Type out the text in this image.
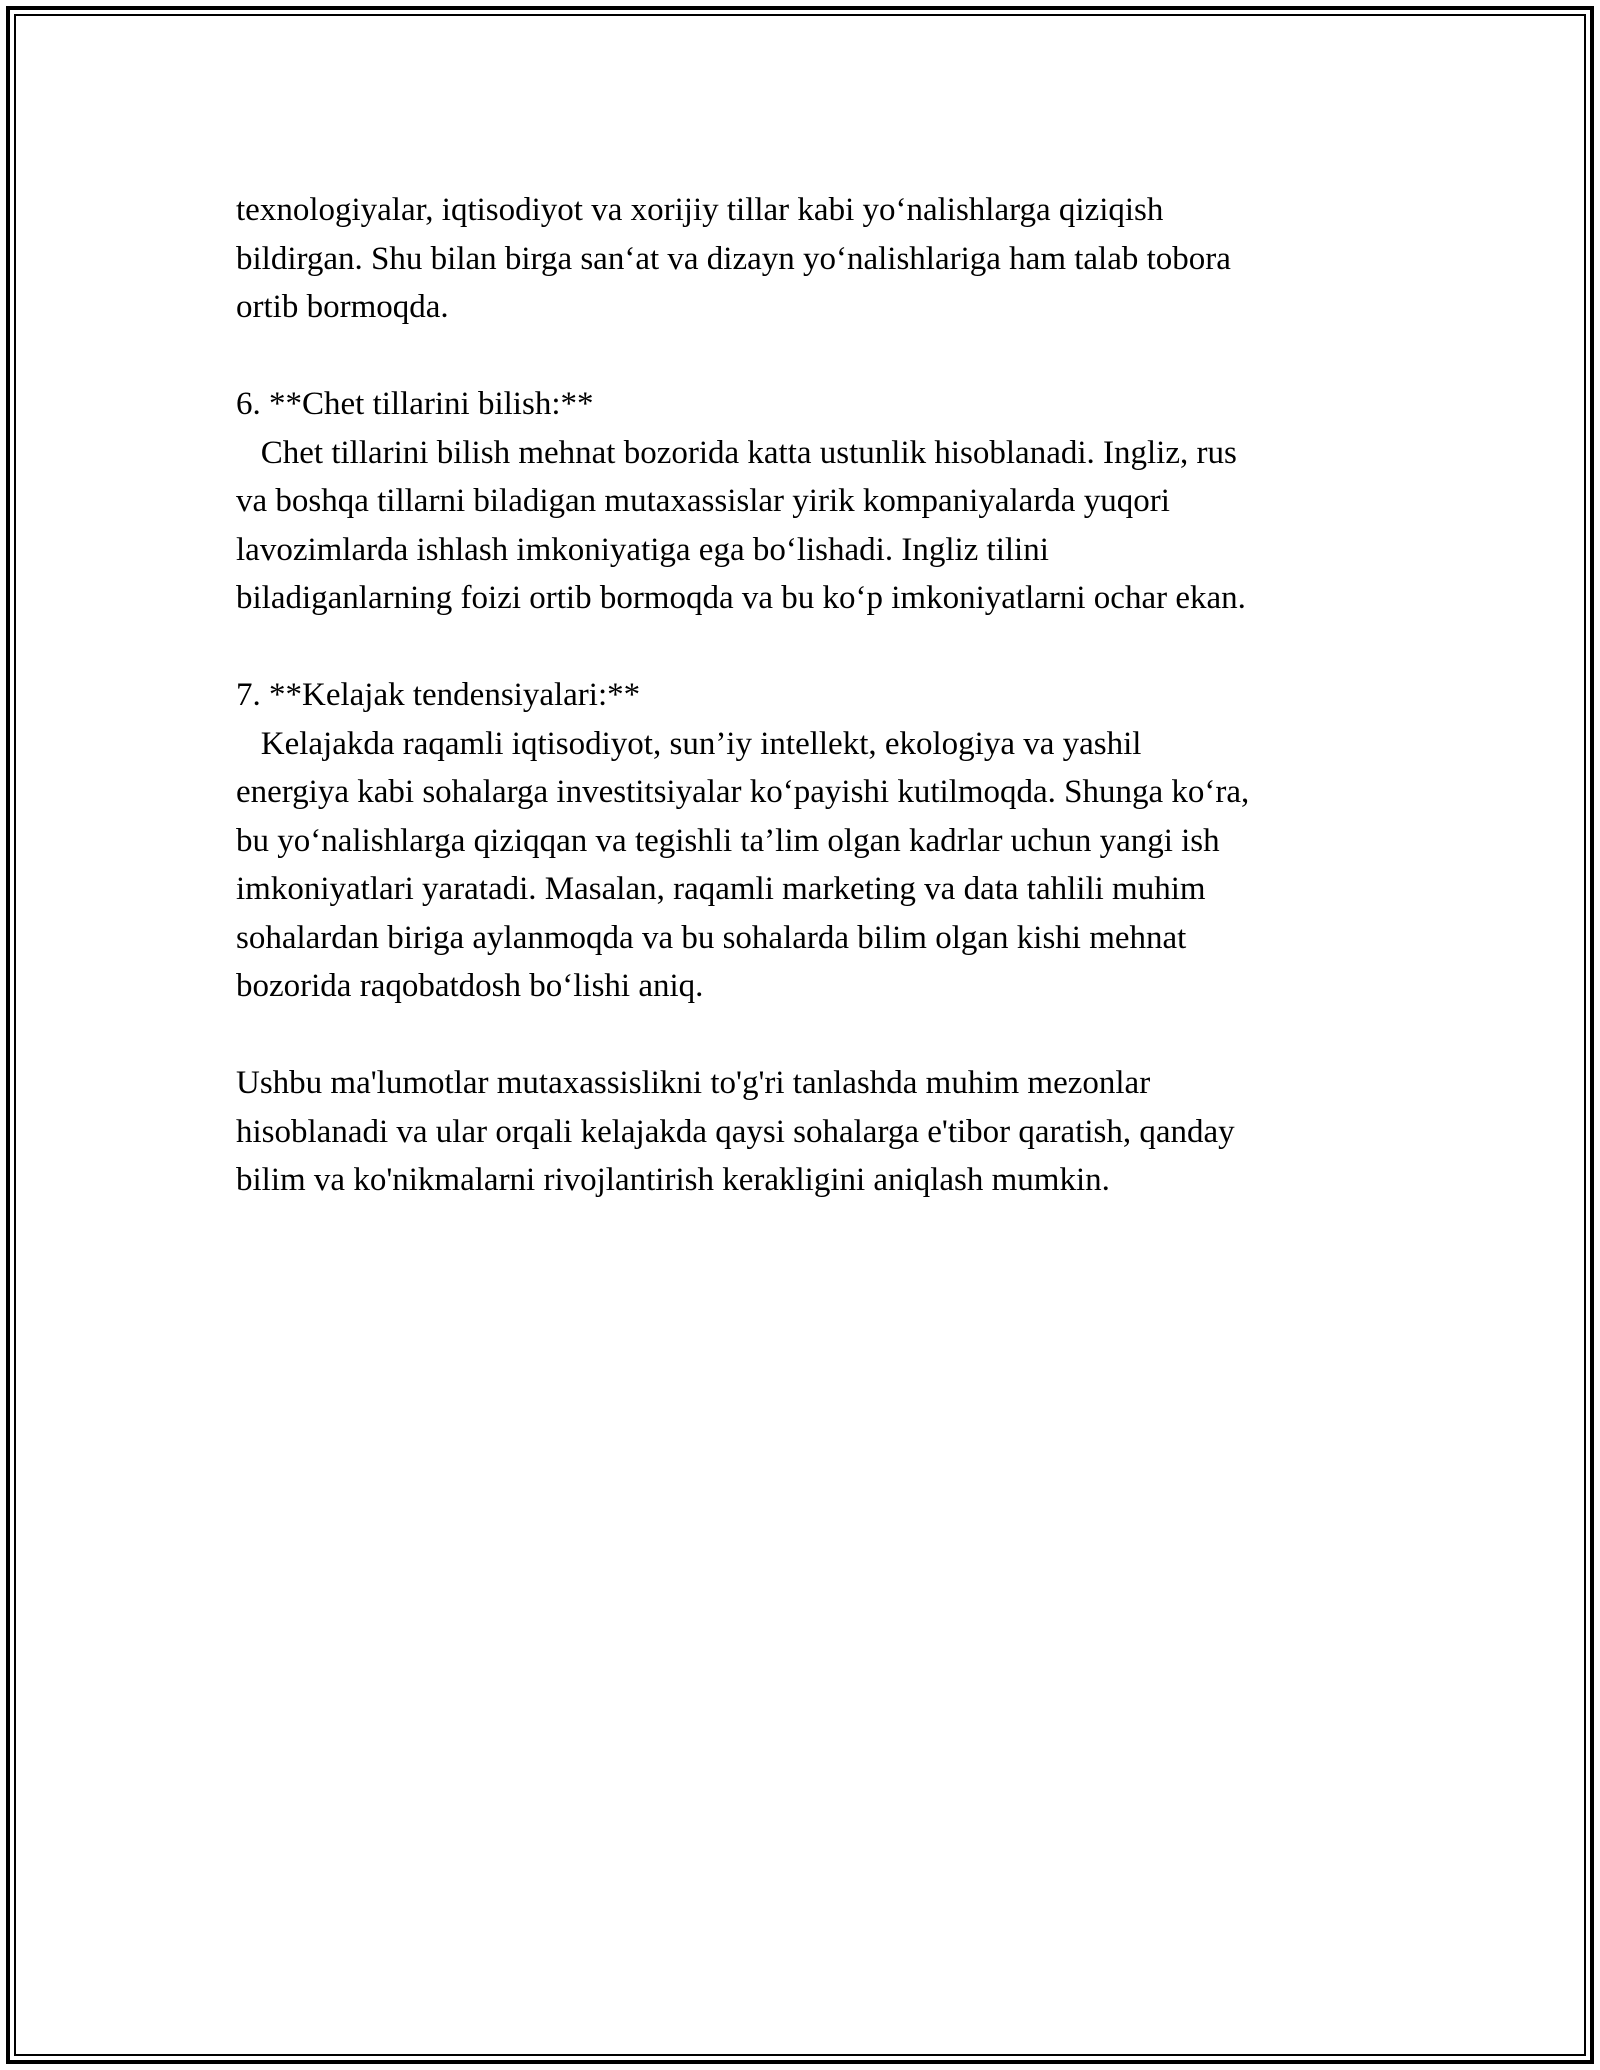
texnologiyalar, iqtisodiyot va xorijiy tillar kabi yo‘nalishlarga qiziqish
bildirgan. Shu bilan birga san‘at va dizayn yo‘nalishlariga ham talab tobora
ortib bormoqda.
6. **Chet tillarini bilish:**
Chet tillarini bilish mehnat bozorida katta ustunlik hisoblanadi. Ingliz, rus
va boshqa tillarni biladigan mutaxassislar yirik kompaniyalarda yuqori
lavozimlarda ishlash imkoniyatiga ega bo‘lishadi. Ingliz tilini
biladiganlarning foizi ortib bormoqda va bu ko‘p imkoniyatlarni ochar ekan.
7. **Kelajak tendensiyalari:**
Kelajakda raqamli iqtisodiyot, sun’iy intellekt, ekologiya va yashil
energiya kabi sohalarga investitsiyalar ko‘payishi kutilmoqda. Shunga ko‘ra,
bu yo‘nalishlarga qiziqqan va tegishli ta’lim olgan kadrlar uchun yangi ish
imkoniyatlari yaratadi. Masalan, raqamli marketing va data tahlili muhim
sohalardan biriga aylanmoqda va bu sohalarda bilim olgan kishi mehnat
bozorida raqobatdosh bo‘lishi aniq.
Ushbu ma'lumotlar mutaxassislikni to'g'ri tanlashda muhim mezonlar
hisoblanadi va ular orqali kelajakda qaysi sohalarga e'tibor qaratish, qanday
bilim va ko'nikmalarni rivojlantirish kerakligini aniqlash mumkin.
